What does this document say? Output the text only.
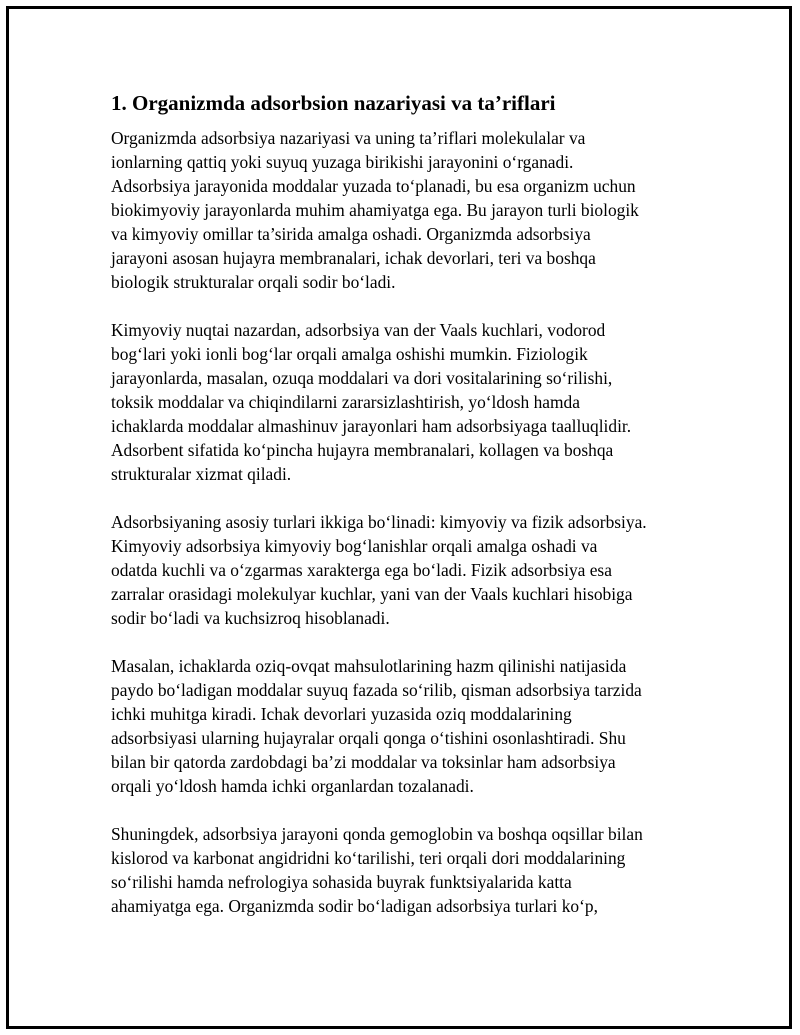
1. Organizmda adsorbsion nazariyasi va ta’riflari
Organizmda adsorbsiya nazariyasi va uning ta’riflari molekulalar va
ionlarning qattiq yoki suyuq yuzaga birikishi jarayonini o‘rganadi.
Adsorbsiya jarayonida moddalar yuzada to‘planadi, bu esa organizm uchun
biokimyoviy jarayonlarda muhim ahamiyatga ega. Bu jarayon turli biologik
va kimyoviy omillar ta’sirida amalga oshadi. Organizmda adsorbsiya
jarayoni asosan hujayra membranalari, ichak devorlari, teri va boshqa
biologik strukturalar orqali sodir bo‘ladi.
Kimyoviy nuqtai nazardan, adsorbsiya van der Vaals kuchlari, vodorod
bog‘lari yoki ionli bog‘lar orqali amalga oshishi mumkin. Fiziologik
jarayonlarda, masalan, ozuqa moddalari va dori vositalarining so‘rilishi,
toksik moddalar va chiqindilarni zararsizlashtirish, yo‘ldosh hamda
ichaklarda moddalar almashinuv jarayonlari ham adsorbsiyaga taalluqlidir.
Adsorbent sifatida ko‘pincha hujayra membranalari, kollagen va boshqa
strukturalar xizmat qiladi.
Adsorbsiyaning asosiy turlari ikkiga bo‘linadi: kimyoviy va fizik adsorbsiya.
Kimyoviy adsorbsiya kimyoviy bog‘lanishlar orqali amalga oshadi va
odatda kuchli va o‘zgarmas xarakterga ega bo‘ladi. Fizik adsorbsiya esa
zarralar orasidagi molekulyar kuchlar, yani van der Vaals kuchlari hisobiga
sodir bo‘ladi va kuchsizroq hisoblanadi.
Masalan, ichaklarda oziq-ovqat mahsulotlarining hazm qilinishi natijasida
paydo bo‘ladigan moddalar suyuq fazada so‘rilib, qisman adsorbsiya tarzida
ichki muhitga kiradi. Ichak devorlari yuzasida oziq moddalarining
adsorbsiyasi ularning hujayralar orqali qonga o‘tishini osonlashtiradi. Shu
bilan bir qatorda zardobdagi ba’zi moddalar va toksinlar ham adsorbsiya
orqali yo‘ldosh hamda ichki organlardan tozalanadi.
Shuningdek, adsorbsiya jarayoni qonda gemoglobin va boshqa oqsillar bilan
kislorod va karbonat angidridni ko‘tarilishi, teri orqali dori moddalarining
so‘rilishi hamda nefrologiya sohasida buyrak funktsiyalarida katta
ahamiyatga ega. Organizmda sodir bo‘ladigan adsorbsiya turlari ko‘p,
